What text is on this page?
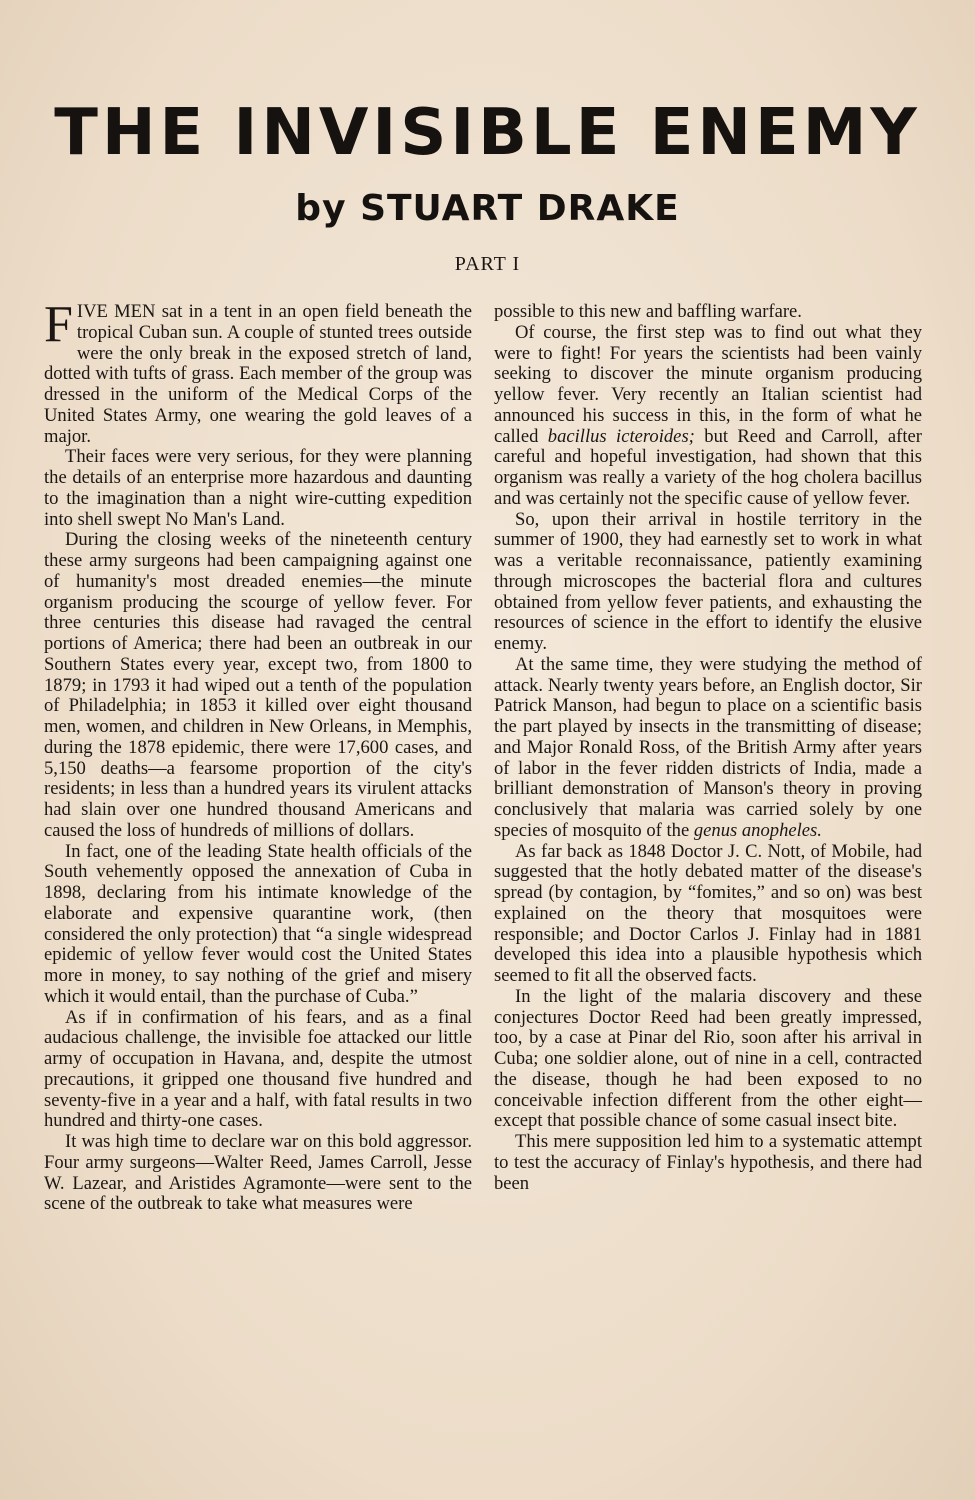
THE INVISIBLE ENEMY
by STUART DRAKE
PART I

FIVE MEN sat in a tent in an open field beneath the tropical Cuban sun. A couple of stunted trees outside were the only break in the exposed stretch of land, dotted with tufts of grass. Each member of the group was dressed in the uniform of the Medical Corps of the United States Army, one wearing the gold leaves of a major.

Their faces were very serious, for they were planning the details of an enterprise more hazardous and daunting to the imagination than a night wire-cutting expedition into shell swept No Man's Land.

During the closing weeks of the nineteenth century these army surgeons had been campaigning against one of humanity's most dreaded enemies—the minute organism producing the scourge of yellow fever. For three centuries this disease had ravaged the central portions of America; there had been an outbreak in our Southern States every year, except two, from 1800 to 1879; in 1793 it had wiped out a tenth of the population of Philadelphia; in 1853 it killed over eight thousand men, women, and children in New Orleans, in Memphis, during the 1878 epidemic, there were 17,600 cases, and 5,150 deaths—a fearsome proportion of the city's residents; in less than a hundred years its virulent attacks had slain over one hundred thousand Americans and caused the loss of hundreds of millions of dollars.

In fact, one of the leading State health officials of the South vehemently opposed the annexation of Cuba in 1898, declaring from his intimate knowledge of the elaborate and expensive quarantine work, (then considered the only protection) that “a single widespread epidemic of yellow fever would cost the United States more in money, to say nothing of the grief and misery which it would entail, than the purchase of Cuba.”

As if in confirmation of his fears, and as a final audacious challenge, the invisible foe attacked our little army of occupation in Havana, and, despite the utmost precautions, it gripped one thousand five hundred and seventy-five in a year and a half, with fatal results in two hundred and thirty-one cases.

It was high time to declare war on this bold aggressor. Four army surgeons—Walter Reed, James Carroll, Jesse W. Lazear, and Aristides Agramonte—were sent to the scene of the outbreak to take what measures were

possible to this new and baffling warfare.

Of course, the first step was to find out what they were to fight! For years the scientists had been vainly seeking to discover the minute organism producing yellow fever. Very recently an Italian scientist had announced his success in this, in the form of what he called bacillus icteroides; but Reed and Carroll, after careful and hopeful investigation, had shown that this organism was really a variety of the hog cholera bacillus and was certainly not the specific cause of yellow fever.

So, upon their arrival in hostile territory in the summer of 1900, they had earnestly set to work in what was a veritable reconnaissance, patiently examining through microscopes the bacterial flora and cultures obtained from yellow fever patients, and exhausting the resources of science in the effort to identify the elusive enemy.

At the same time, they were studying the method of attack. Nearly twenty years before, an English doctor, Sir Patrick Manson, had begun to place on a scientific basis the part played by insects in the transmitting of disease; and Major Ronald Ross, of the British Army after years of labor in the fever ridden districts of India, made a brilliant demonstration of Manson's theory in proving conclusively that malaria was carried solely by one species of mosquito of the genus anopheles.

As far back as 1848 Doctor J. C. Nott, of Mobile, had suggested that the hotly debated matter of the disease's spread (by contagion, by “fomites,” and so on) was best explained on the theory that mosquitoes were responsible; and Doctor Carlos J. Finlay had in 1881 developed this idea into a plausible hypothesis which seemed to fit all the observed facts.

In the light of the malaria discovery and these conjectures Doctor Reed had been greatly impressed, too, by a case at Pinar del Rio, soon after his arrival in Cuba; one soldier alone, out of nine in a cell, contracted the disease, though he had been exposed to no conceivable infection different from the other eight—except that possible chance of some casual insect bite.

This mere supposition led him to a systematic attempt to test the accuracy of Finlay's hypothesis, and there had been
